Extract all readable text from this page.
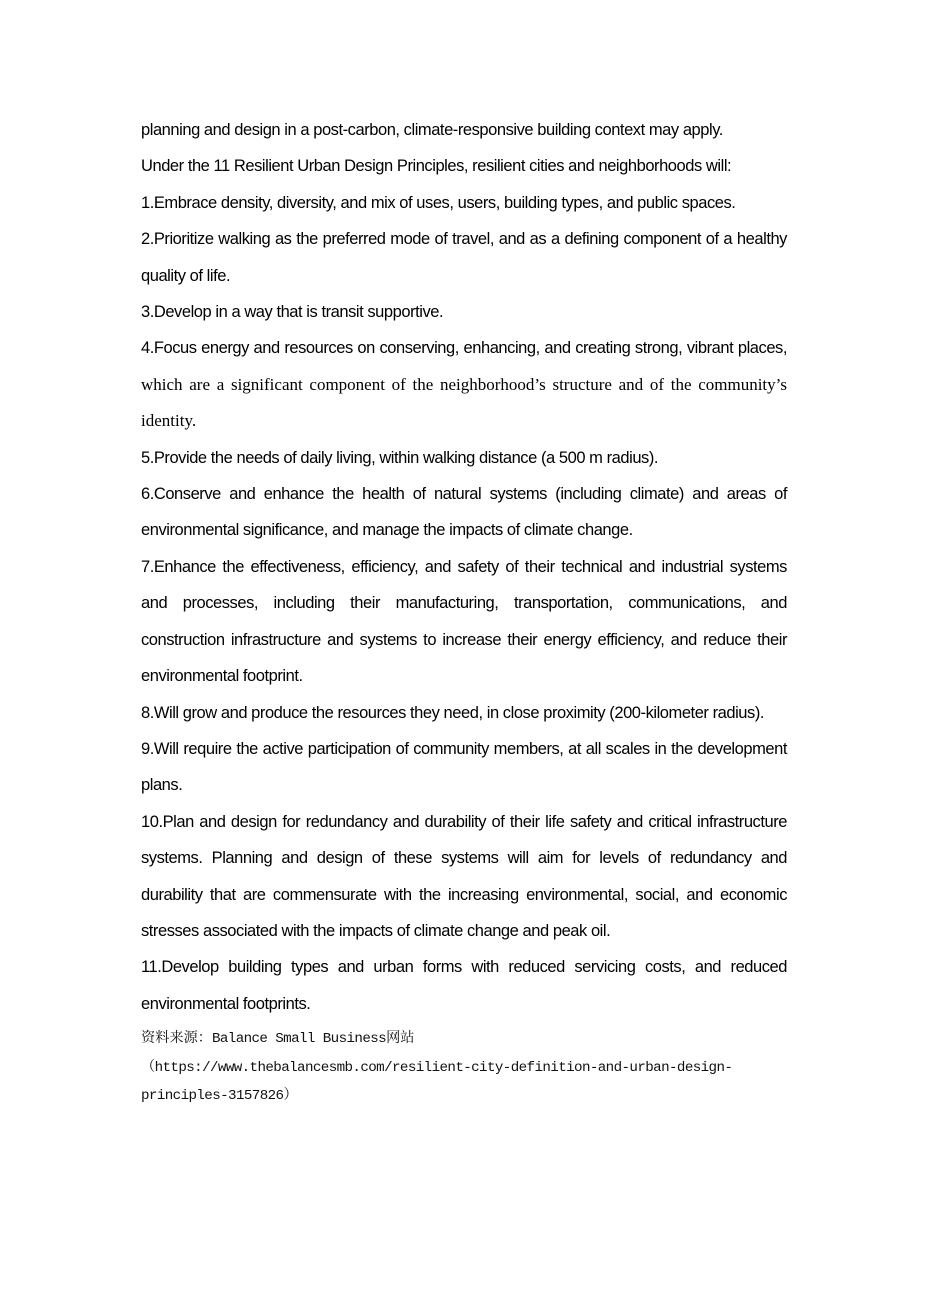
planning and design in a post-carbon, climate-responsive building context may apply.

Under the 11 Resilient Urban Design Principles, resilient cities and neighborhoods will:

1.Embrace density, diversity, and mix of uses, users, building types, and public spaces.

2.Prioritize walking as the preferred mode of travel, and as a defining component of a healthy quality of life.

3.Develop in a way that is transit supportive.

4.Focus energy and resources on conserving, enhancing, and creating strong, vibrant places, which are a significant component of the neighborhood’s structure and of the community’s identity.

5.Provide the needs of daily living, within walking distance (a 500 m radius).

6.Conserve and enhance the health of natural systems (including climate) and areas of environmental significance, and manage the impacts of climate change.

7.Enhance the effectiveness, efficiency, and safety of their technical and industrial systems and processes, including their manufacturing, transportation, communications, and construction infrastructure and systems to increase their energy efficiency, and reduce their environmental footprint.

8.Will grow and produce the resources they need, in close proximity (200-kilometer radius).

9.Will require the active participation of community members, at all scales in the development plans.

10.Plan and design for redundancy and durability of their life safety and critical infrastructure systems. Planning and design of these systems will aim for levels of redundancy and durability that are commensurate with the increasing environmental, social, and economic stresses associated with the impacts of climate change and peak oil.

11.Develop building types and urban forms with reduced servicing costs, and reduced environmental footprints.

资料来源：Balance Small Business网站
（https://www.thebalancesmb.com/resilient-city-definition-and-urban-design-principles-3157826）
